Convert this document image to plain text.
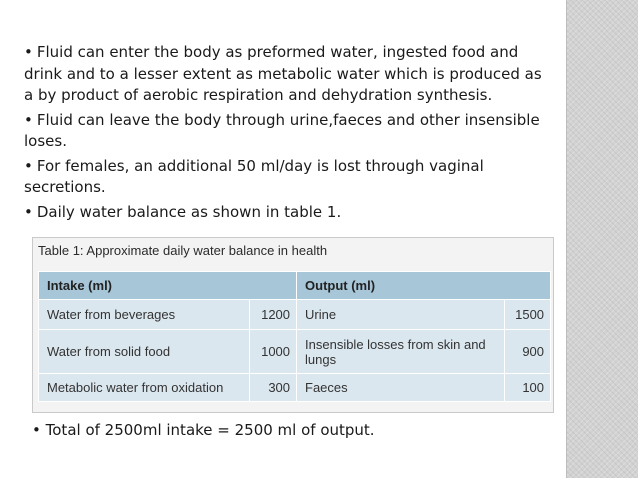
• Fluid can enter the body as preformed water, ingested food and drink and to a lesser extent as metabolic water which is produced as a by product of aerobic respiration and dehydration synthesis.

• Fluid can leave the body through urine,faeces and other insensible loses.

• For females, an additional 50 ml/day is lost through vaginal secretions.

• Daily water balance as shown in table 1.

Table 1: Approximate daily water balance in health
Intake (ml)		Output (ml)	
Water from beverages	1200	Urine	1500
Water from solid food	1000	Insensible losses from skin and lungs	900
Metabolic water from oxidation	300	Faeces	100
• Total of 2500ml intake = 2500 ml of output.
